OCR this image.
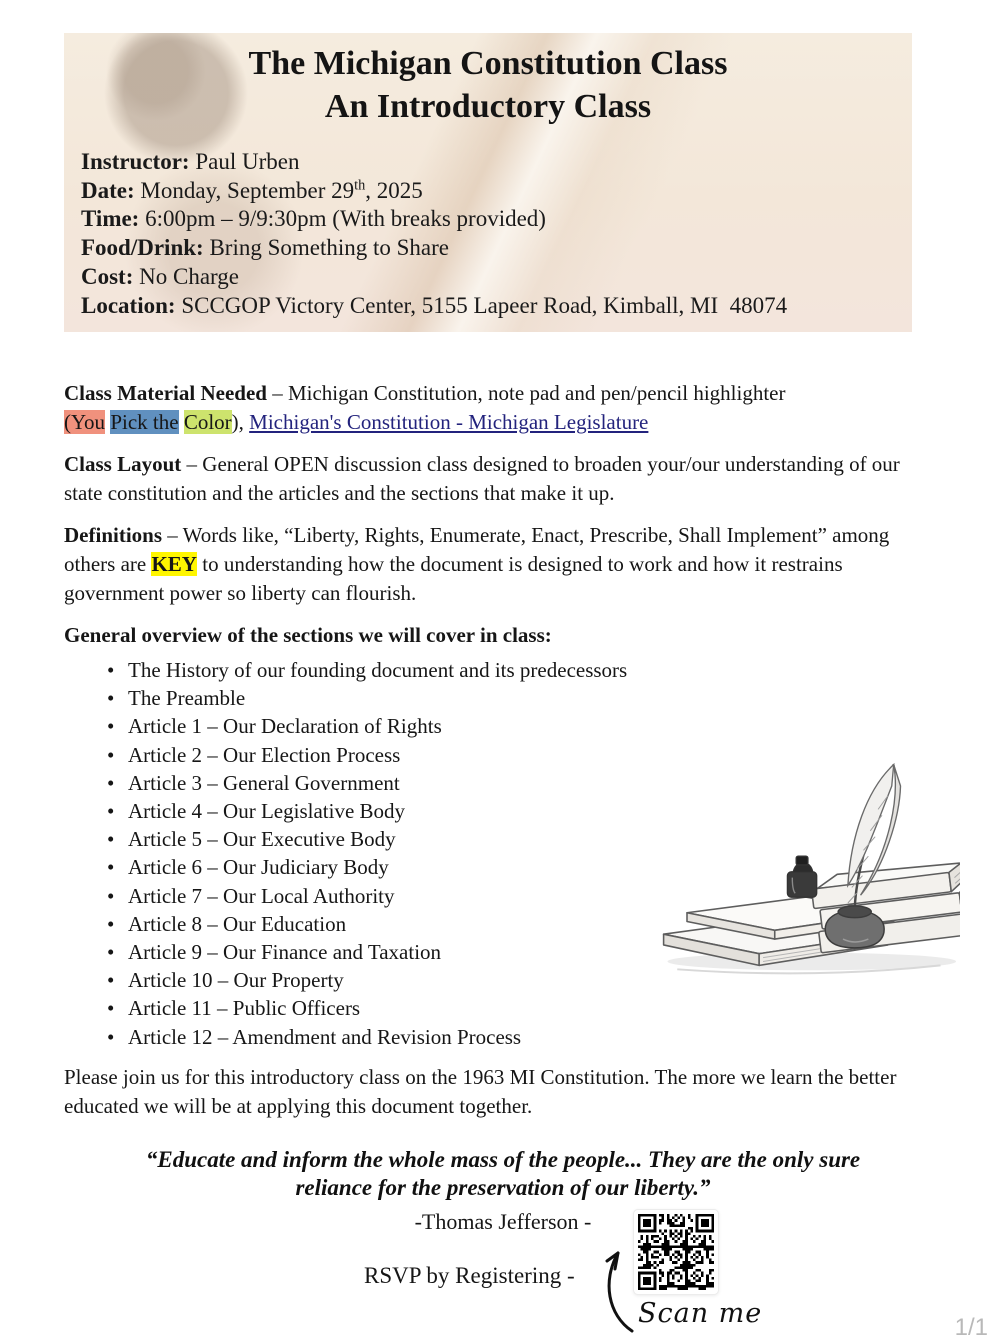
The Michigan Constitution Class
An Introductory Class
Instructor: Paul Urben
Date: Monday, September 29th, 2025
Time: 6:00pm – 9/9:30pm (With breaks provided)
Food/Drink: Bring Something to Share
Cost: No Charge
Location: SCCGOP Victory Center, 5155 Lapeer Road, Kimball, MI  48074

Class Material Needed – Michigan Constitution, note pad and pen/pencil highlighter
(You Pick the Color), Michigan's Constitution - Michigan Legislature

Class Layout – General OPEN discussion class designed to broaden your/our understanding of our state constitution and the articles and the sections that make it up.

Definitions – Words like, “Liberty, Rights, Enumerate, Enact, Prescribe, Shall Implement” among others are KEY to understanding how the document is designed to work and how it restrains government power so liberty can flourish.

General overview of the sections we will cover in class:

• The History of our founding document and its predecessors
• The Preamble
• Article 1 – Our Declaration of Rights
• Article 2 – Our Election Process
• Article 3 – General Government
• Article 4 – Our Legislative Body
• Article 5 – Our Executive Body
• Article 6 – Our Judiciary Body
• Article 7 – Our Local Authority
• Article 8 – Our Education
• Article 9 – Our Finance and Taxation
• Article 10 – Our Property
• Article 11 – Public Officers
• Article 12 – Amendment and Revision Process

Please join us for this introductory class on the 1963 MI Constitution. The more we learn the better educated we will be at applying this document together.

“Educate and inform the whole mass of the people... They are the only sure
reliance for the preservation of our liberty.”
-Thomas Jefferson -
RSVP by Registering -
Scan me	1/1
